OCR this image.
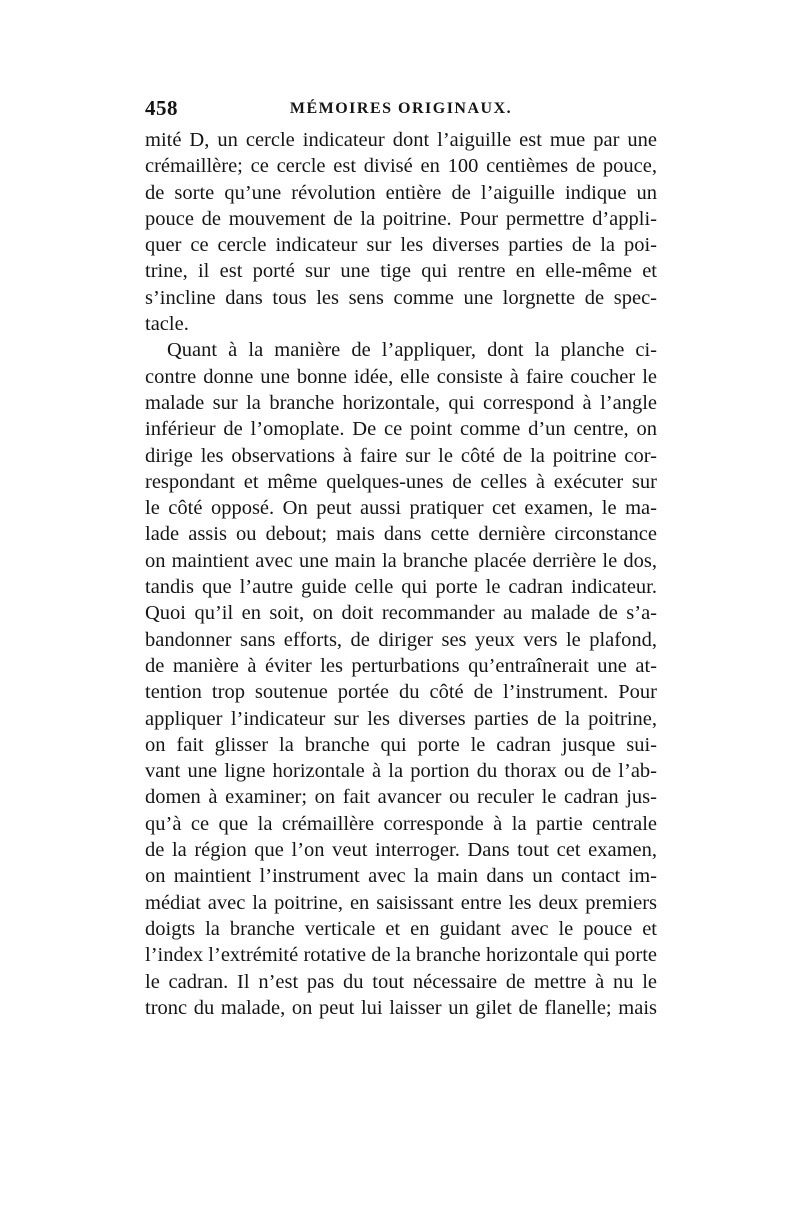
458	MÉMOIRES ORIGINAUX.
mité D, un cercle indicateur dont l’aiguille est mue par une
crémaillère; ce cercle est divisé en 100 centièmes de pouce,
de sorte qu’une révolution entière de l’aiguille indique un
pouce de mouvement de la poitrine. Pour permettre d’appli-
quer ce cercle indicateur sur les diverses parties de la poi-
trine, il est porté sur une tige qui rentre en elle-même et
s’incline dans tous les sens comme une lorgnette de spec-
tacle.
Quant à la manière de l’appliquer, dont la planche ci-
contre donne une bonne idée, elle consiste à faire coucher le
malade sur la branche horizontale, qui correspond à l’angle
inférieur de l’omoplate. De ce point comme d’un centre, on
dirige les observations à faire sur le côté de la poitrine cor-
respondant et même quelques-unes de celles à exécuter sur
le côté opposé. On peut aussi pratiquer cet examen, le ma-
lade assis ou debout; mais dans cette dernière circonstance
on maintient avec une main la branche placée derrière le dos,
tandis que l’autre guide celle qui porte le cadran indicateur.
Quoi qu’il en soit, on doit recommander au malade de s’a-
bandonner sans efforts, de diriger ses yeux vers le plafond,
de manière à éviter les perturbations qu’entraînerait une at-
tention trop soutenue portée du côté de l’instrument. Pour
appliquer l’indicateur sur les diverses parties de la poitrine,
on fait glisser la branche qui porte le cadran jusque sui-
vant une ligne horizontale à la portion du thorax ou de l’ab-
domen à examiner; on fait avancer ou reculer le cadran jus-
qu’à ce que la crémaillère corresponde à la partie centrale
de la région que l’on veut interroger. Dans tout cet examen,
on maintient l’instrument avec la main dans un contact im-
médiat avec la poitrine, en saisissant entre les deux premiers
doigts la branche verticale et en guidant avec le pouce et
l’index l’extrémité rotative de la branche horizontale qui porte
le cadran. Il n’est pas du tout nécessaire de mettre à nu le
tronc du malade, on peut lui laisser un gilet de flanelle; mais
